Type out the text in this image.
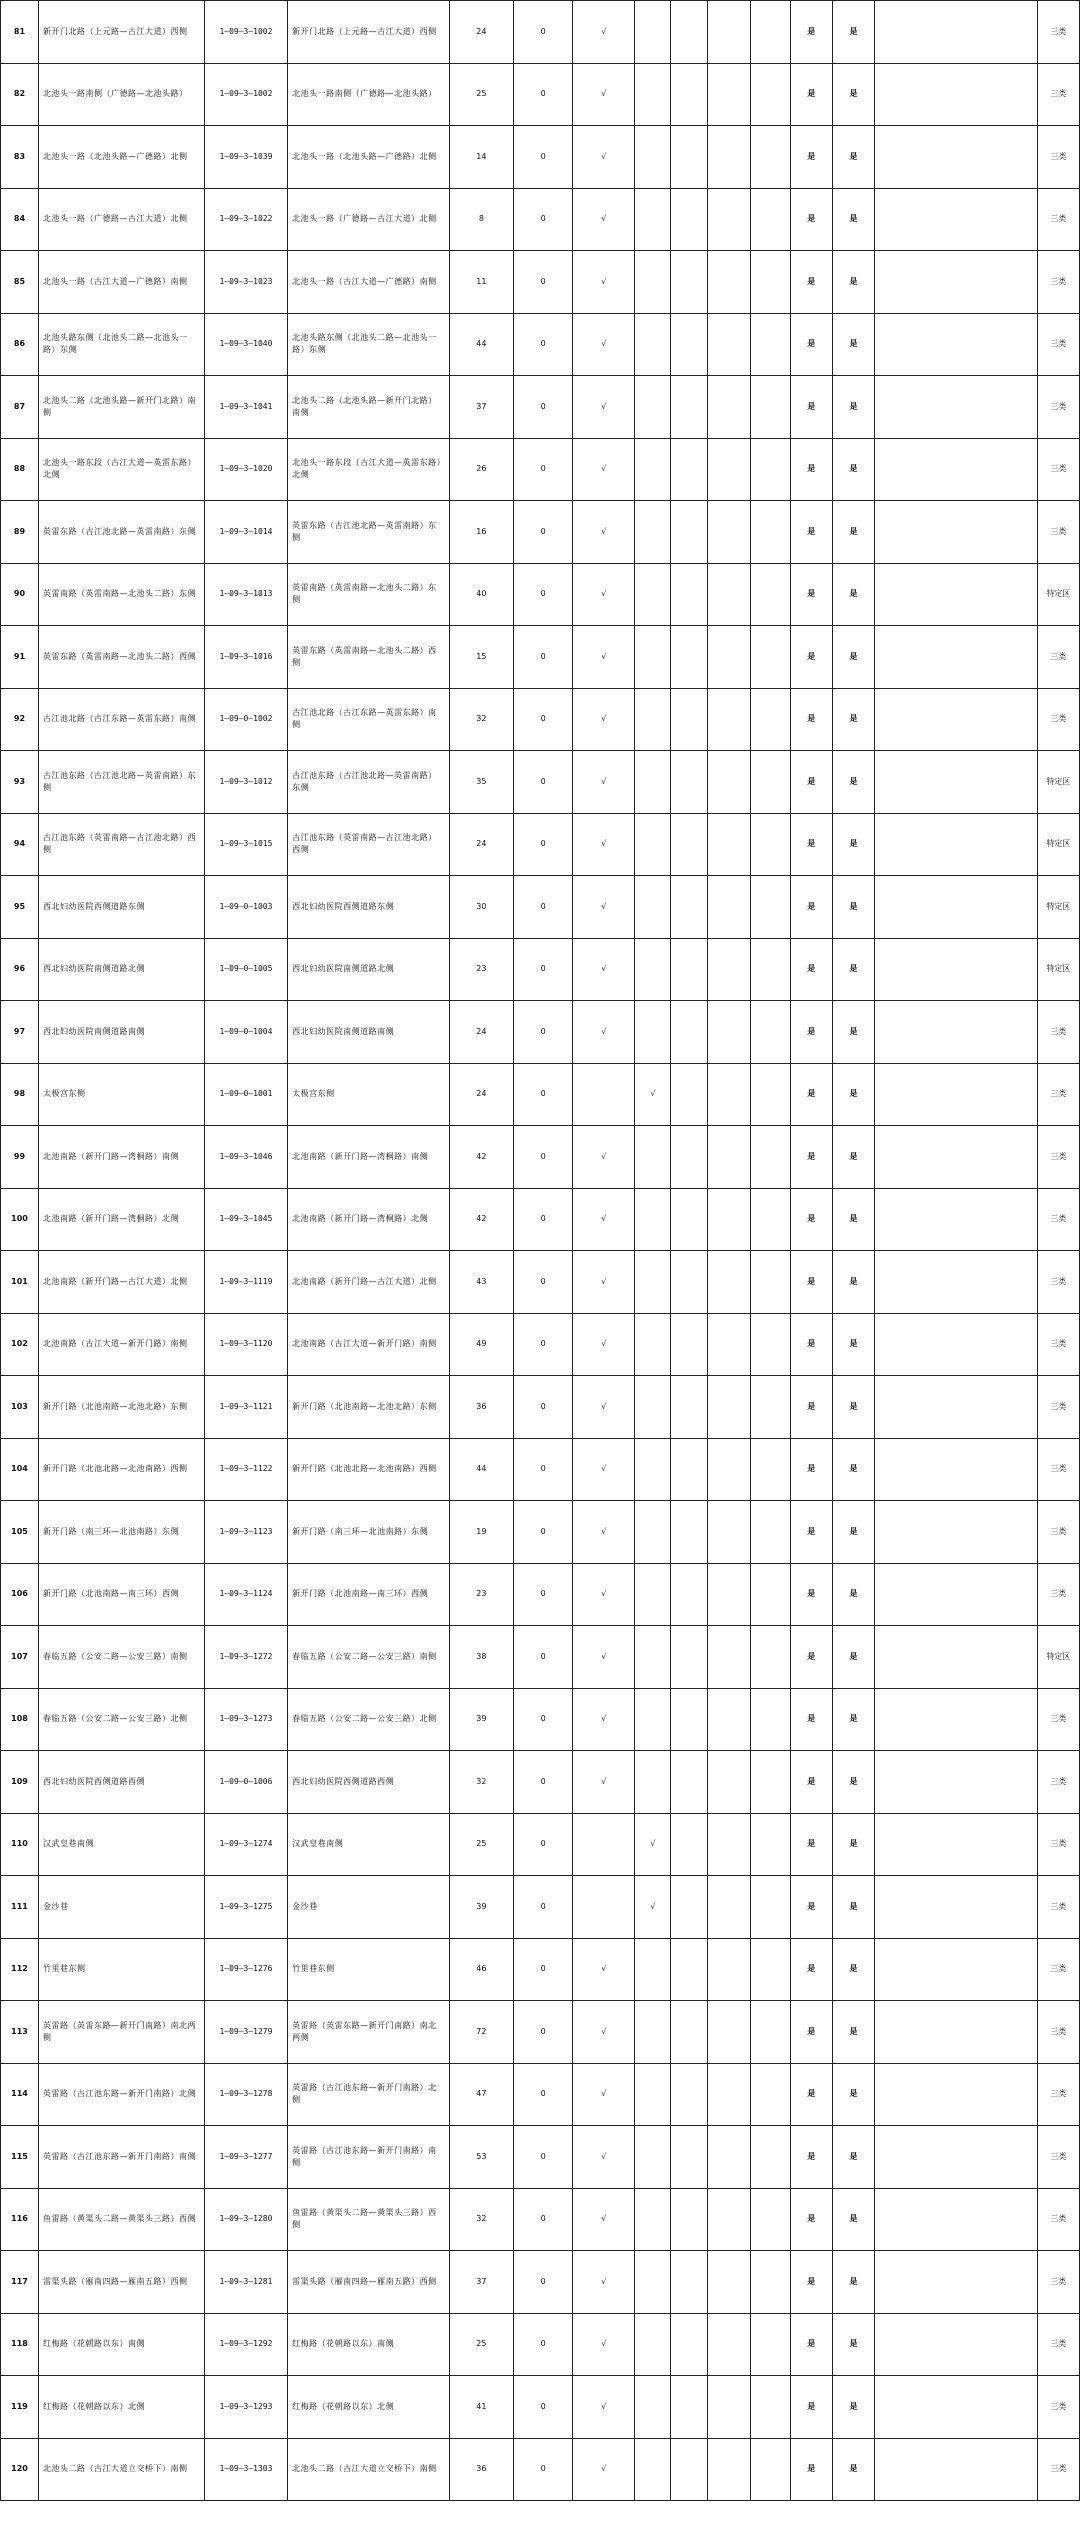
81	新开门北路（上元路—古江大道）西侧	1—09—3—1002	新开门北路（上元路—古江大道）西侧	24	0	√					是	是		三类
82	北池头一路南侧（广德路—北池头路）	1—09—3—1002	北池头一路南侧（广德路—北池头路）	25	0	√					是	是		三类
83	北池头一路（北池头路—广德路）北侧	1—09—3—1039	北池头一路（北池头路—广德路）北侧	14	0	√					是	是		三类
84	北池头一路（广德路—古江大道）北侧	1—09—3—1022	北池头一路（广德路—古江大道）北侧	8	0	√					是	是		三类
85	北池头一路（古江大道—广德路）南侧	1—09—3—1023	北池头一路（古江大道—广德路）南侧	11	0	√					是	是		三类
86	北池头路东侧（北池头二路—北池头一路）东侧	1—09—3—1040	北池头路东侧（北池头二路—北池头一路）东侧	44	0	√					是	是		三类
87	北池头二路（北池头路—新开门北路）南侧	1—09—3—1041	北池头二路（北池头路—新开门北路）南侧	37	0	√					是	是		三类
88	北池头一路东段（古江大道—英雷东路）北侧	1—09—3—1020	北池头一路东段（古江大道—英雷东路）北侧	26	0	√					是	是		三类
89	英雷东路（古江池北路—英雷南路）东侧	1—09—3—1014	英雷东路（古江池北路—英雷南路）东侧	16	0	√					是	是		三类
90	英雷南路（英雷南路—北池头二路）东侧	1—09—3—1013	英雷南路（英雷南路—北池头二路）东侧	40	0	√					是	是		特定区
91	英雷东路（英雷南路—北池头二路）西侧	1—09—3—1016	英雷东路（英雷南路—北池头二路）西侧	15	0	√					是	是		三类
92	古江池北路（古江东路—英雷东路）南侧	1—09—0—1002	古江池北路（古江东路—英雷东路）南侧	32	0	√					是	是		三类
93	古江池东路（古江池北路—英雷南路）东侧	1—09—3—1012	古江池东路（古江池北路—英雷南路）东侧	35	0	√					是	是		特定区
94	古江池东路（英雷南路—古江池北路）西侧	1—09—3—1015	古江池东路（英雷南路—古江池北路）西侧	24	0	√					是	是		特定区
95	西北妇幼医院西侧道路东侧	1—09—0—1003	西北妇幼医院西侧道路东侧	30	0	√					是	是		特定区
96	西北妇幼医院南侧道路北侧	1—09—0—1005	西北妇幼医院南侧道路北侧	23	0	√					是	是		特定区
97	西北妇幼医院南侧道路南侧	1—09—0—1004	西北妇幼医院南侧道路南侧	24	0	√					是	是		三类
98	太极宫东侧	1—09—0—1001	太极宫东侧	24	0		√				是	是		三类
99	北池南路（新开门路—湾桐路）南侧	1—09—3—1046	北池南路（新开门路—湾桐路）南侧	42	0	√					是	是		三类
100	北池南路（新开门路—湾桐路）北侧	1—09—3—1045	北池南路（新开门路—湾桐路）北侧	42	0	√					是	是		三类
101	北池南路（新开门路—古江大道）北侧	1—09—3—1119	北池南路（新开门路—古江大道）北侧	43	0	√					是	是		三类
102	北池南路（古江大道—新开门路）南侧	1—09—3—1120	北池南路（古江大道—新开门路）南侧	49	0	√					是	是		三类
103	新开门路（北池南路—北池北路）东侧	1—09—3—1121	新开门路（北池南路—北池北路）东侧	36	0	√					是	是		三类
104	新开门路（北池北路—北池南路）西侧	1—09—3—1122	新开门路（北池北路—北池南路）西侧	44	0	√					是	是		三类
105	新开门路（南三环—北池南路）东侧	1—09—3—1123	新开门路（南三环—北池南路）东侧	19	0	√					是	是		三类
106	新开门路（北池南路—南三环）西侧	1—09—3—1124	新开门路（北池南路—南三环）西侧	23	0	√					是	是		三类
107	春临五路（公安二路—公安三路）南侧	1—09—3—1272	春临五路（公安二路—公安三路）南侧	38	0	√					是	是		特定区
108	春临五路（公安二路—公安三路）北侧	1—09—3—1273	春临五路（公安二路—公安三路）北侧	39	0	√					是	是		三类
109	西北妇幼医院西侧道路西侧	1—09—0—1006	西北妇幼医院西侧道路西侧	32	0	√					是	是		三类
110	汉武皇巷南侧	1—09—3—1274	汉武皇巷南侧	25	0		√				是	是		三类
111	金沙巷	1—09—3—1275	金沙巷	39	0		√				是	是		三类
112	竹里巷东侧	1—09—3—1276	竹里巷东侧	46	0	√					是	是		三类
113	英雷路（英雷东路—新开门南路）南北两侧	1—09—3—1279	英雷路（英雷东路—新开门南路）南北两侧	72	0	√					是	是		三类
114	英雷路（古江池东路—新开门南路）北侧	1—09—3—1278	英雷路（古江池东路—新开门南路）北侧	47	0	√					是	是		三类
115	英雷路（古江池东路—新开门南路）南侧	1—09—3—1277	英雷路（古江池东路—新开门南路）南侧	53	0	√					是	是		三类
116	鱼雷路（黄渠头二路—黄渠头三路）西侧	1—09—3—1280	鱼雷路（黄渠头二路—黄渠头三路）西侧	32	0	√					是	是		三类
117	雷渠头路（雁南四路—雁南五路）西侧	1—09—3—1281	雷渠头路（雁南四路—雁南五路）西侧	37	0	√					是	是		三类
118	红梅路（花朝路以东）南侧	1—09—3—1292	红梅路（花朝路以东）南侧	25	0	√					是	是		三类
119	红梅路（花朝路以东）北侧	1—09—3—1293	红梅路（花朝路以东）北侧	41	0	√					是	是		三类
120	北池头二路（古江大道立交桥下）南侧	1—09—3—1303	北池头二路（古江大道立交桥下）南侧	36	0	√					是	是		三类
